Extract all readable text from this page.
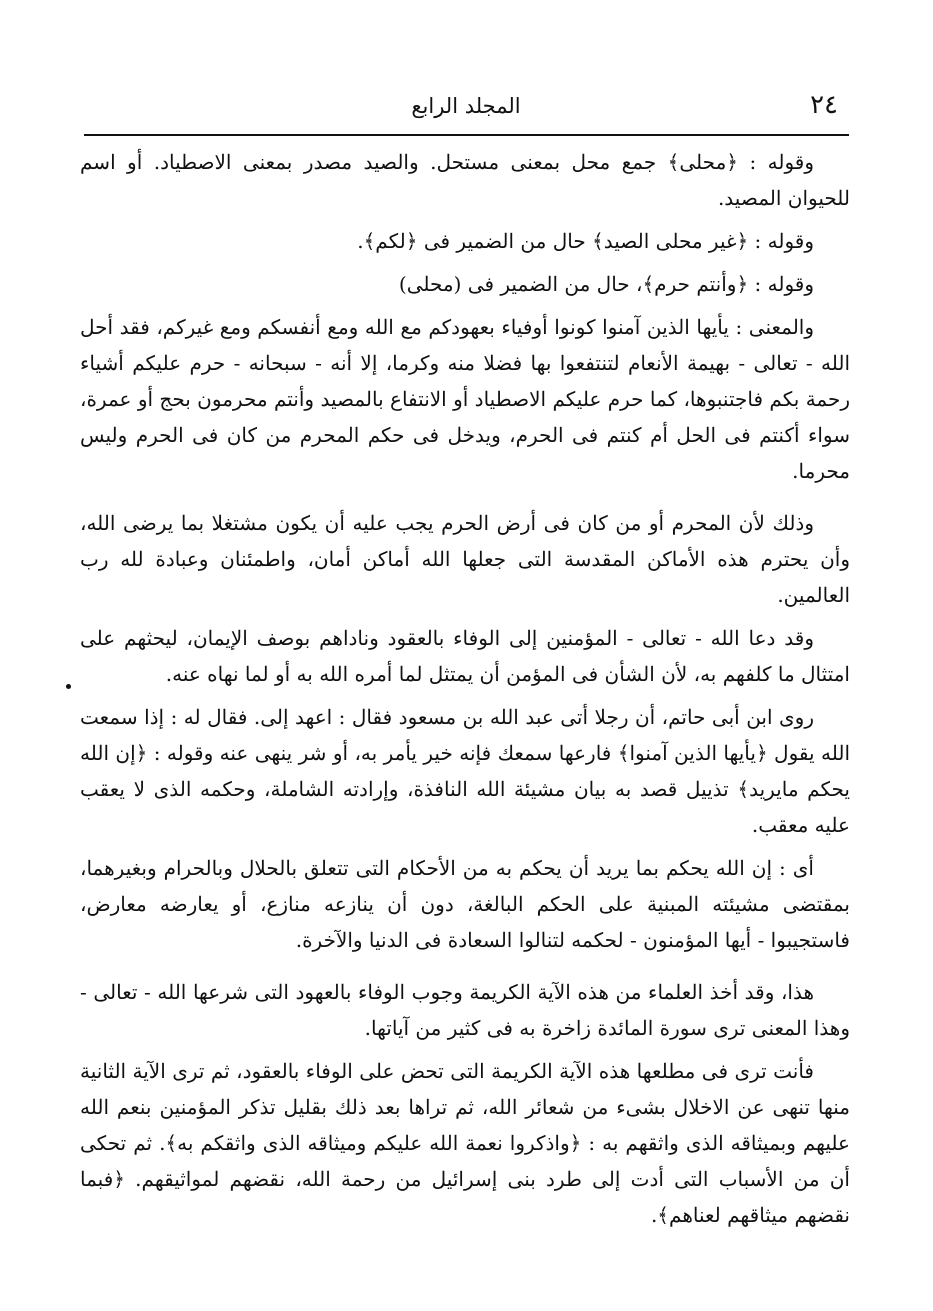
٢٤
المجلد الرابع

وقوله : ﴿محلى﴾ جمع محل بمعنى مستحل. والصيد مصدر بمعنى الاصطياد. أو اسم للحيوان المصيد.

وقوله : ﴿غير محلى الصيد﴾ حال من الضمير فى ﴿لكم﴾.

وقوله : ﴿وأنتم حرم﴾، حال من الضمير فى (محلى)

والمعنى : يأيها الذين آمنوا كونوا أوفياء بعهودكم مع الله ومع أنفسكم ومع غيركم، فقد أحل الله - تعالى - بهيمة الأنعام لتنتفعوا بها فضلا منه وكرما، إلا أنه - سبحانه - حرم عليكم أشياء رحمة بكم فاجتنبوها، كما حرم عليكم الاصطياد أو الانتفاع بالمصيد وأنتم محرمون بحج أو عمرة، سواء أكنتم فى الحل أم كنتم فى الحرم، ويدخل فى حكم المحرم من كان فى الحرم وليس محرما.

وذلك لأن المحرم أو من كان فى أرض الحرم يجب عليه أن يكون مشتغلا بما يرضى الله، وأن يحترم هذه الأماكن المقدسة التى جعلها الله أماكن أمان، واطمئنان وعبادة لله رب العالمين.

وقد دعا الله - تعالى - المؤمنين إلى الوفاء بالعقود وناداهم بوصف الإيمان، ليحثهم على امتثال ما كلفهم به، لأن الشأن فى المؤمن أن يمتثل لما أمره الله به أو لما نهاه عنه.

روى ابن أبى حاتم، أن رجلا أتى عبد الله بن مسعود فقال : اعهد إلى. فقال له : إذا سمعت الله يقول ﴿يأيها الذين آمنوا﴾ فارعها سمعك فإنه خير يأمر به، أو شر ينهى عنه وقوله : ﴿إن الله يحكم مايريد﴾ تذييل قصد به بيان مشيئة الله النافذة، وإرادته الشاملة، وحكمه الذى لا يعقب عليه معقب.

أى : إن الله يحكم بما يريد أن يحكم به من الأحكام التى تتعلق بالحلال وبالحرام وبغيرهما، بمقتضى مشيئته المبنية على الحكم البالغة، دون أن ينازعه منازع، أو يعارضه معارض، فاستجيبوا - أيها المؤمنون - لحكمه لتنالوا السعادة فى الدنيا والآخرة.

هذا، وقد أخذ العلماء من هذه الآية الكريمة وجوب الوفاء بالعهود التى شرعها الله - تعالى - وهذا المعنى ترى سورة المائدة زاخرة به فى كثير من آياتها.

فأنت ترى فى مطلعها هذه الآية الكريمة التى تحض على الوفاء بالعقود، ثم ترى الآية الثانية منها تنهى عن الاخلال بشىء من شعائر الله، ثم تراها بعد ذلك بقليل تذكر المؤمنين بنعم الله عليهم وبميثاقه الذى واثقهم به : ﴿واذكروا نعمة الله عليكم وميثاقه الذى واثقكم به﴾. ثم تحكى أن من الأسباب التى أدت إلى طرد بنى إسرائيل من رحمة الله، نقضهم لمواثيقهم. ﴿فبما نقضهم ميثاقهم لعناهم﴾.
